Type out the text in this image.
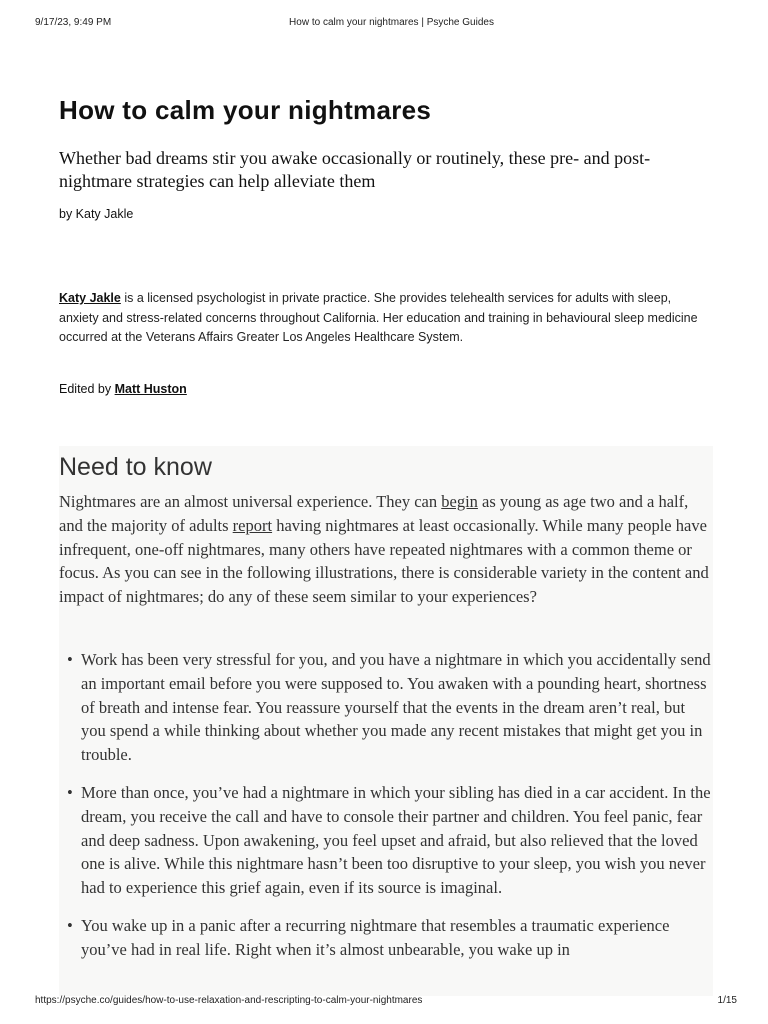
9/17/23, 9:49 PM	How to calm your nightmares | Psyche Guides
How to calm your nightmares

Whether bad dreams stir you awake occasionally or routinely, these pre- and post-nightmare strategies can help alleviate them

by Katy Jakle

Katy Jakle is a licensed psychologist in private practice. She provides telehealth services for adults with sleep, anxiety and stress-related concerns throughout California. Her education and training in behavioural sleep medicine occurred at the Veterans Affairs Greater Los Angeles Healthcare System.

Edited by Matt Huston
Need to know

Nightmares are an almost universal experience. They can begin as young as age two and a half, and the majority of adults report having nightmares at least occasionally. While many people have infrequent, one-off nightmares, many others have repeated nightmares with a common theme or focus. As you can see in the following illustrations, there is considerable variety in the content and impact of nightmares; do any of these seem similar to your experiences?

• Work has been very stressful for you, and you have a nightmare in which you accidentally send an important email before you were supposed to. You awaken with a pounding heart, shortness of breath and intense fear. You reassure yourself that the events in the dream aren’t real, but you spend a while thinking about whether you made any recent mistakes that might get you in trouble.
• More than once, you’ve had a nightmare in which your sibling has died in a car accident. In the dream, you receive the call and have to console their partner and children. You feel panic, fear and deep sadness. Upon awakening, you feel upset and afraid, but also relieved that the loved one is alive. While this nightmare hasn’t been too disruptive to your sleep, you wish you never had to experience this grief again, even if its source is imaginal.
• You wake up in a panic after a recurring nightmare that resembles a traumatic experience you’ve had in real life. Right when it’s almost unbearable, you wake up in
https://psyche.co/guides/how-to-use-relaxation-and-rescripting-to-calm-your-nightmares	1/15
